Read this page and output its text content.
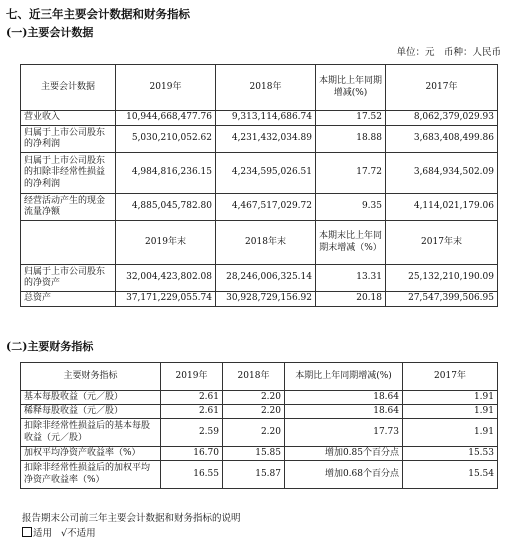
七、近三年主要会计数据和财务指标
(一)主要会计数据
单位：元　币种：人民币
主要会计数据	2019年	2018年	本期比上年同期增减(%)	2017年
营业收入	10,944,668,477.76	9,313,114,686.74	17.52	8,062,379,029.93
归属于上市公司股东的净利润	5,030,210,052.62	4,231,432,034.89	18.88	3,683,408,499.86
归属于上市公司股东的扣除非经常性损益的净利润	4,984,816,236.15	4,234,595,026.51	17.72	3,684,934,502.09
经营活动产生的现金流量净额	4,885,045,782.80	4,467,517,029.72	9.35	4,114,021,179.06
	2019年末	2018年末	本期末比上年同期末增减（%）	2017年末
归属于上市公司股东的净资产	32,004,423,802.08	28,246,006,325.14	13.31	25,132,210,190.09
总资产	37,171,229,055.74	30,928,729,156.92	20.18	27,547,399,506.95
(二)主要财务指标
主要财务指标	2019年	2018年	本期比上年同期增减(%)	2017年
基本每股收益（元／股）	2.61	2.20	18.64	1.91
稀释每股收益（元／股）	2.61	2.20	18.64	1.91
扣除非经常性损益后的基本每股收益（元／股）	2.59	2.20	17.73	1.91
加权平均净资产收益率（%）	16.70	15.85	增加0.85个百分点	15.53
扣除非经常性损益后的加权平均净资产收益率（%）	16.55	15.87	增加0.68个百分点	15.54
报告期末公司前三年主要会计数据和财务指标的说明
适用 √不适用
